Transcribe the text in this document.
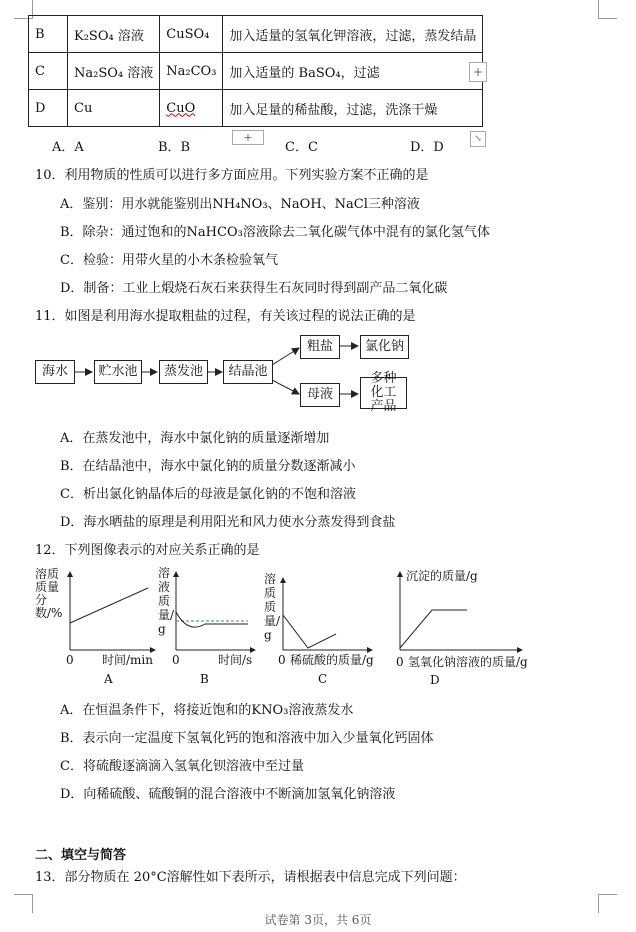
B	K₂SO₄ 溶液	CuSO₄	加入适量的氢氧化钾溶液，过滤，蒸发结晶
C	Na₂SO₄ 溶液	Na₂CO₃	加入适量的 BaSO₄，过滤
D	Cu	CuO	加入足量的稀盐酸，过滤，洗涤干燥
+
+	↘
A．A	B．B	C．C	D．D
10．利用物质的性质可以进行多方面应用。下列实验方案不正确的是
A．鉴别：用水就能鉴别出NH₄NO₃、NaOH、NaCl三种溶液
B．除杂：通过饱和的NaHCO₃溶液除去二氧化碳气体中混有的氯化氢气体
C．检验：用带火星的小木条检验氧气
D．制备：工业上煅烧石灰石来获得生石灰同时得到副产品二氧化碳
11．如图是利用海水提取粗盐的过程，有关该过程的说法正确的是
海水	贮水池	蒸发池	结晶池
粗盐	氯化钠
母液
多种化工产品
A．在蒸发池中，海水中氯化钠的质量逐渐增加
B．在结晶池中，海水中氯化钠的质量分数逐渐减小
C．析出氯化钠晶体后的母液是氯化钠的不饱和溶液
D．海水晒盐的原理是利用阳光和风力使水分蒸发得到食盐
12．下列图像表示的对应关系正确的是
溶质质量分数/%
0 时间/min
A
溶液质量/g
0	时间/s
B
溶质质量/g
0 稀硫酸的质量/g
C
沉淀的质量/g
0 氢氧化钠溶液的质量/g
D
A．在恒温条件下，将接近饱和的KNO₃溶液蒸发水
B．表示向一定温度下氢氧化钙的饱和溶液中加入少量氧化钙固体
C．将硫酸逐滴滴入氢氧化钡溶液中至过量
D．向稀硫酸、硫酸铜的混合溶液中不断滴加氢氧化钠溶液
二、填空与简答
13．部分物质在 20°C溶解性如下表所示，请根据表中信息完成下列问题：
试卷第 3页，共 6页
